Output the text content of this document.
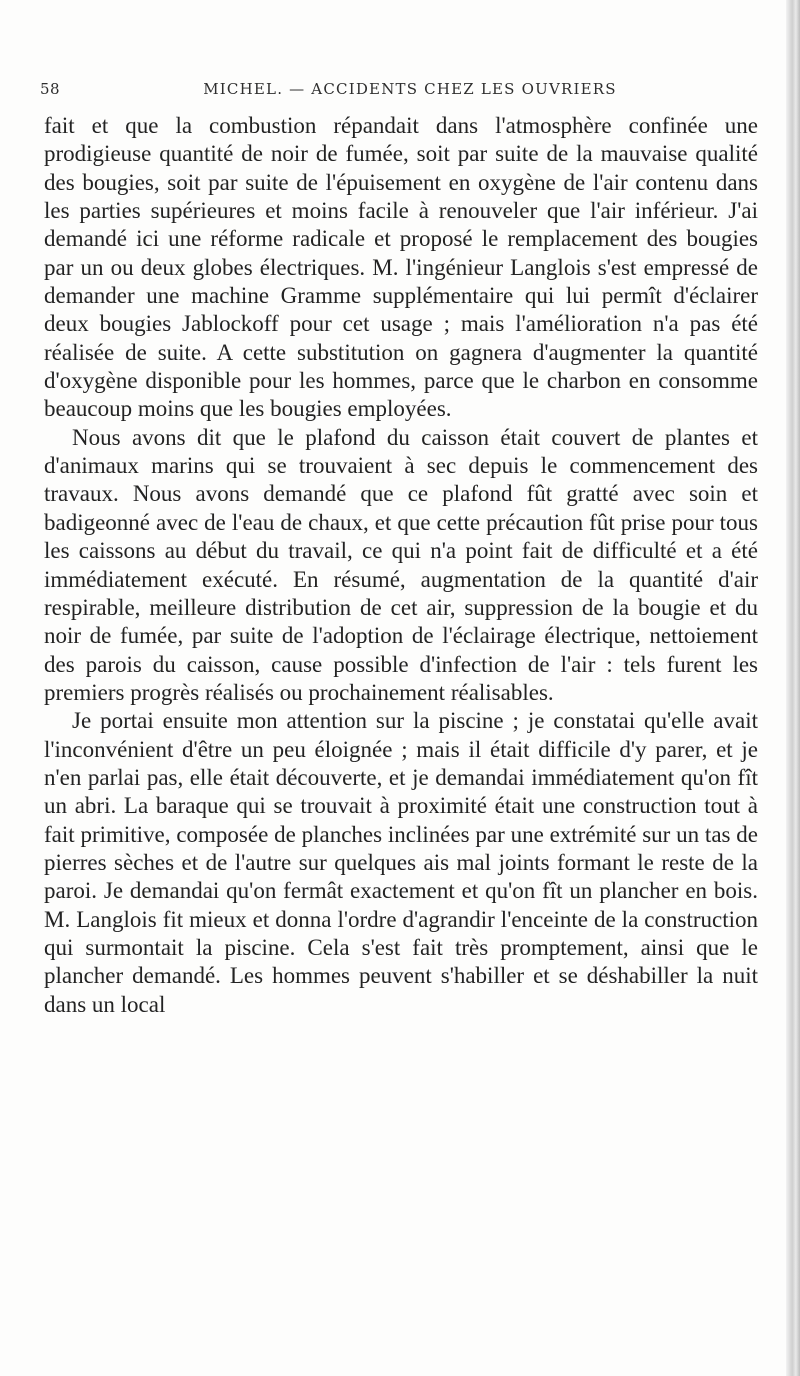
58	MICHEL. — ACCIDENTS CHEZ LES OUVRIERS

fait et que la combustion répandait dans l'atmosphère confinée une prodigieuse quantité de noir de fumée, soit par suite de la mauvaise qualité des bougies, soit par suite de l'épuisement en oxygène de l'air contenu dans les parties supérieures et moins facile à renouveler que l'air inférieur. J'ai demandé ici une réforme radicale et proposé le remplacement des bougies par un ou deux globes électriques. M. l'ingénieur Langlois s'est empressé de demander une machine Gramme supplémentaire qui lui permît d'éclairer deux bougies Jablockoff pour cet usage ; mais l'amélioration n'a pas été réalisée de suite. A cette substitution on gagnera d'augmenter la quantité d'oxygène disponible pour les hommes, parce que le charbon en consomme beaucoup moins que les bougies employées.

Nous avons dit que le plafond du caisson était couvert de plantes et d'animaux marins qui se trouvaient à sec depuis le commencement des travaux. Nous avons demandé que ce plafond fût gratté avec soin et badigeonné avec de l'eau de chaux, et que cette précaution fût prise pour tous les caissons au début du travail, ce qui n'a point fait de difficulté et a été immédiatement exécuté. En résumé, augmentation de la quantité d'air respirable, meilleure distribution de cet air, suppression de la bougie et du noir de fumée, par suite de l'adoption de l'éclairage électrique, nettoiement des parois du caisson, cause possible d'infection de l'air : tels furent les premiers progrès réalisés ou prochainement réalisables.

Je portai ensuite mon attention sur la piscine ; je constatai qu'elle avait l'inconvénient d'être un peu éloignée ; mais il était difficile d'y parer, et je n'en parlai pas, elle était découverte, et je demandai immédiatement qu'on fît un abri. La baraque qui se trouvait à proximité était une construction tout à fait primitive, composée de planches inclinées par une extrémité sur un tas de pierres sèches et de l'autre sur quelques ais mal joints formant le reste de la paroi. Je demandai qu'on fermât exactement et qu'on fît un plancher en bois. M. Langlois fit mieux et donna l'ordre d'agrandir l'enceinte de la construction qui surmontait la piscine. Cela s'est fait très promptement, ainsi que le plancher demandé. Les hommes peuvent s'habiller et se déshabiller la nuit dans un local
